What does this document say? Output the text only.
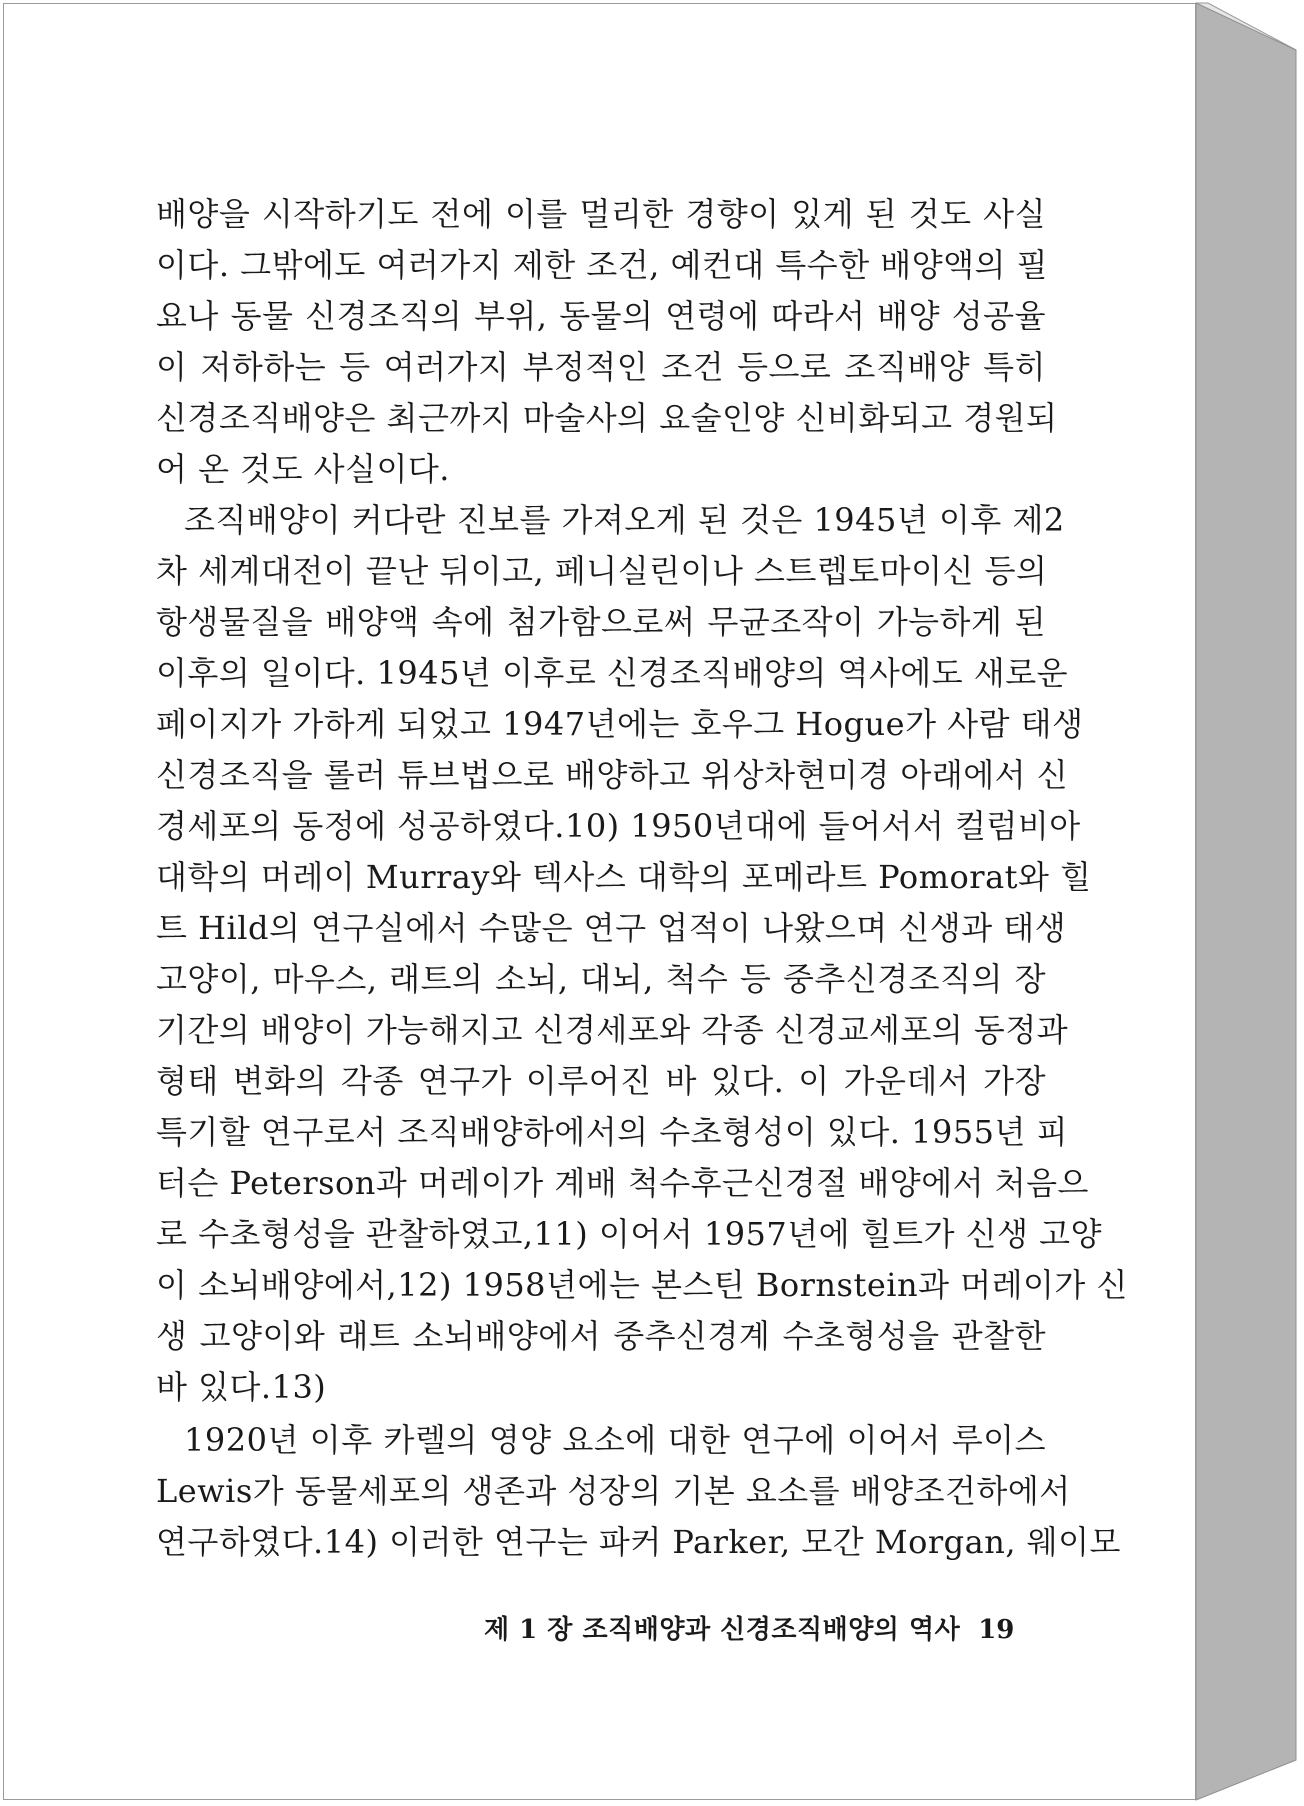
배양을 시작하기도 전에 이를 멀리한 경향이 있게 된 것도 사실
이다. 그밖에도 여러가지 제한 조건, 예컨대 특수한 배양액의 필
요나 동물 신경조직의 부위, 동물의 연령에 따라서 배양 성공율
이 저하하는 등 여러가지 부정적인 조건 등으로 조직배양 특히
신경조직배양은 최근까지 마술사의 요술인양 신비화되고 경원되
어 온 것도 사실이다.
조직배양이 커다란 진보를 가져오게 된 것은 1945년 이후 제2
차 세계대전이 끝난 뒤이고, 페니실린이나 스트렙토마이신 등의
항생물질을 배양액 속에 첨가함으로써 무균조작이 가능하게 된
이후의 일이다. 1945년 이후로 신경조직배양의 역사에도 새로운
페이지가 가하게 되었고 1947년에는 호우그 Hogue가 사람 태생
신경조직을 롤러 튜브법으로 배양하고 위상차현미경 아래에서 신
경세포의 동정에 성공하였다.10) 1950년대에 들어서서 컬럼비아
대학의 머레이 Murray와 텍사스 대학의 포메라트 Pomorat와 힐
트 Hild의 연구실에서 수많은 연구 업적이 나왔으며 신생과 태생
고양이, 마우스, 래트의 소뇌, 대뇌, 척수 등 중추신경조직의 장
기간의 배양이 가능해지고 신경세포와 각종 신경교세포의 동정과
형태 변화의 각종 연구가 이루어진 바 있다. 이 가운데서 가장
특기할 연구로서 조직배양하에서의 수초형성이 있다. 1955년 피
터슨 Peterson과 머레이가 계배 척수후근신경절 배양에서 처음으
로 수초형성을 관찰하였고,11) 이어서 1957년에 힐트가 신생 고양
이 소뇌배양에서,12) 1958년에는 본스틴 Bornstein과 머레이가 신
생 고양이와 래트 소뇌배양에서 중추신경계 수초형성을 관찰한
바 있다.13)
1920년 이후 카렐의 영양 요소에 대한 연구에 이어서 루이스
Lewis가 동물세포의 생존과 성장의 기본 요소를 배양조건하에서
연구하였다.14) 이러한 연구는 파커 Parker, 모간 Morgan, 웨이모
제 1 장 조직배양과 신경조직배양의 역사 19
